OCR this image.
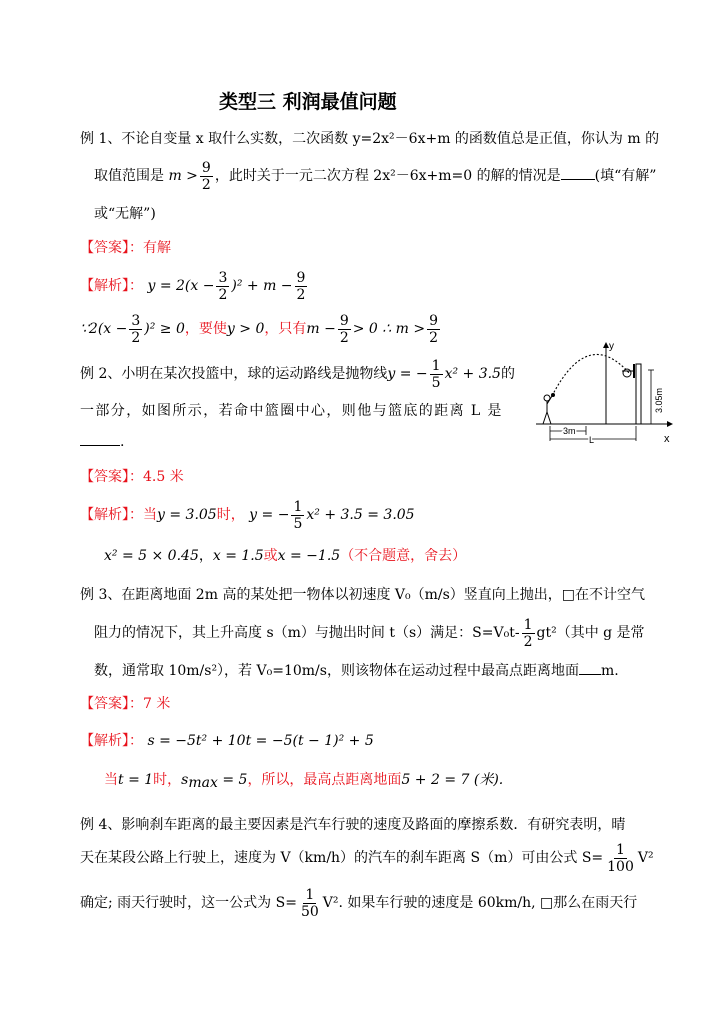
类型三 利润最值问题
例 1、不论自变量 x 取什么实数，二次函数 y=2x²－6x+m 的函数值总是正值，你认为 m 的
取值范围是 $m > \frac{9}{2}$ ，此时关于一元二次方程 2x²－6x+m=0 的解的情况是 (填“有解”
或“无解”)
【答案】：有解
【解析】： $y = 2(x - \frac{3}{2} )^2 + m - \frac{9}{2}$
∵2(x − $\frac{3}{2} )^2 \ge 0$，要使y > 0，只有$m - \frac{9}{2} > 0$ ∴ $m > \frac{9}{2}$
例 2、小明在某次投篮中，球的运动路线是抛物线y = − $\frac{1}{5} x^2 + 3.5$的
一部分，如图所示，若命中篮圈中心，则他与篮底的距离 L 是
.	x
y
3.05m
3m
L
【答案】：4.5 米
【解析】：当y = 3.05时， y = − $\frac{1}{5} x^2 + 3.5 = 3.05$
x² = 5 × 0.45，x = 1.5或x = −1.5（不合题意，舍去）
例 3、在距离地面 2m 高的某处把一物体以初速度 V₀（m/s）竖直向上抛出，□在不计空气
阻力的情况下，其上升高度 s（m）与抛出时间 t（s）满足：$S=V_0t- \frac{1}{2} gt^2$（其中 g 是常
数，通常取 10m/s²），若 V₀=10m/s，则该物体在运动过程中最高点距离地面 m.
【答案】：7 米
【解析】： s = −5t² + 10t = −5(t − 1)² + 5
当t = 1时，$s_{max} = 5$，所以，最高点距离地面5 + 2 = 7 (米).
例 4、影响刹车距离的最主要因素是汽车行驶的速度及路面的摩擦系数．有研究表明，晴
天在某段公路上行驶上，速度为 V（km/h）的汽车的刹车距离 S（m）可由公式 $S= \frac{1}{100} V^2$
确定; 雨天行驶时，这一公式为 $S= \frac{1}{50} V^2$. 如果车行驶的速度是 60km/h, □那么在雨天行
